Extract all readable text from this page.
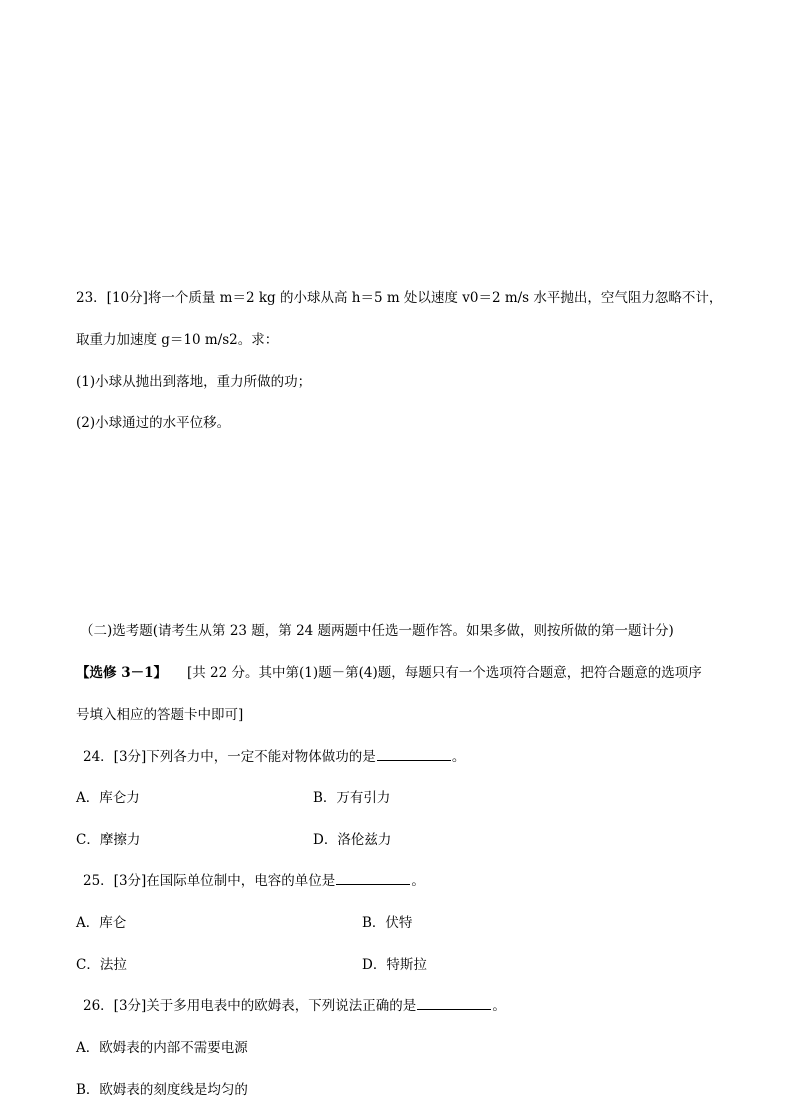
23．[10分]将一个质量 m＝2 kg 的小球从高 h＝5 m 处以速度 v0＝2 m/s 水平抛出，空气阻力忽略不计，
取重力加速度 g＝10 m/s2。求：
(1)小球从抛出到落地，重力所做的功；
(2)小球通过的水平位移。
（二)选考题(请考生从第 23 题，第 24 题两题中任选一题作答。如果多做，则按所做的第一题计分)
【选修 3－1】 [共 22 分。其中第(1)题－第(4)题，每题只有一个选项符合题意，把符合题意的选项序
号填入相应的答题卡中即可]
24．[3分]下列各力中，一定不能对物体做功的是	。
A．库仑力	B．万有引力
C．摩擦力	D．洛伦兹力
25．[3分]在国际单位制中，电容的单位是	。
A．库仑	B．伏特
C．法拉	D．特斯拉
26．[3分]关于多用电表中的欧姆表，下列说法正确的是	。
A．欧姆表的内部不需要电源
B．欧姆表的刻度线是均匀的
